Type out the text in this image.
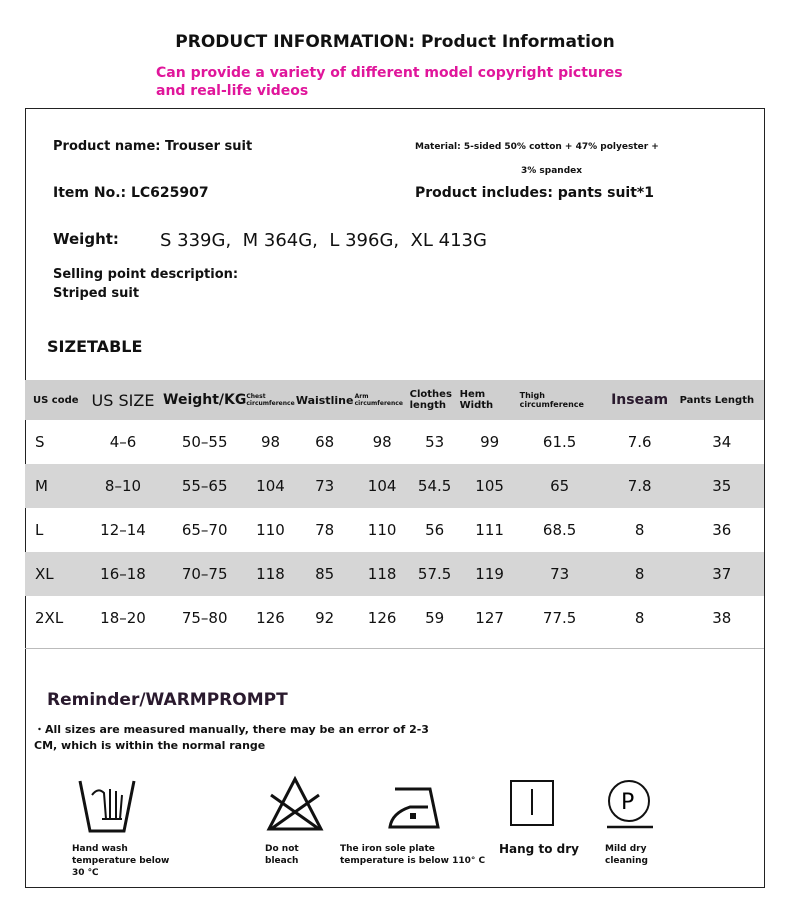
PRODUCT INFORMATION: Product Information
Can provide a variety of different model copyright pictures and real-life videos
Product name: Trouser suit	Material: 5-sided 50% cotton + 47% polyester +
3% spandex
Item No.: LC625907	Product includes: pants suit*1
Weight: S 339G,  M 364G,  L 396G,  XL 413G
Selling point description:
Striped suit
SIZETABLE
US code	US SIZE	Weight/KG	Chest circumference	Waistline	Arm circumference	Clothes length	Hem Width	Thigh circumference	Inseam	Pants Length
S	4–6	50–55	98	68	98	53	99	61.5	7.6	34
M	8–10	55–65	104	73	104	54.5	105	65	7.8	35
L	12–14	65–70	110	78	110	56	111	68.5	8	36
XL	16–18	70–75	118	85	118	57.5	119	73	8	37
2XL	18–20	75–80	126	92	126	59	127	77.5	8	38
Reminder/WARMPROMPT
・All sizes are measured manually, there may be an error of 2-3 CM, which is within the normal range
Hand wash temperature below 30 ℃
Do not bleach
The iron sole plate temperature is below 110° C
Hang to dry
P
Mild dry cleaning
